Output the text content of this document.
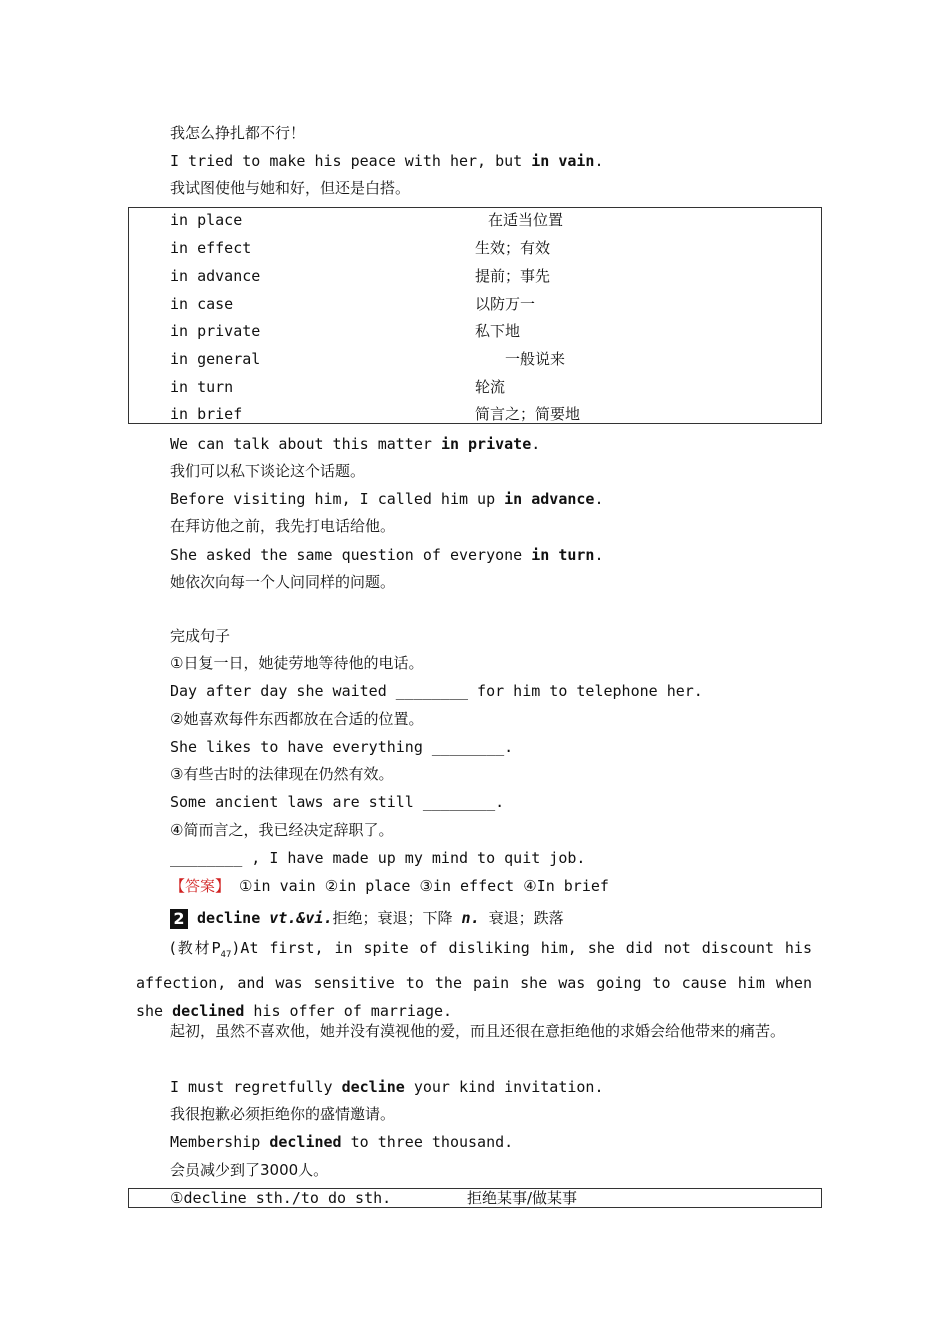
我怎么挣扎都不行！
I tried to make his peace with her, but in vain.
我试图使他与她和好，但还是白搭。
in place	在适当位置
in effect	生效；有效
in advance	提前；事先
in case	以防万一
in private	私下地
in general	一般说来
in turn	轮流
in brief	简言之；简要地
We can talk about this matter in private.
我们可以私下谈论这个话题。
Before visiting him, I called him up in advance.
在拜访他之前，我先打电话给他。
She asked the same question of everyone in turn.
她依次向每一个人问同样的问题。
完成句子
①日复一日，她徒劳地等待他的电话。
Day after day she waited ________ for him to telephone her.
②她喜欢每件东西都放在合适的位置。
She likes to have everything ________.
③有些古时的法律现在仍然有效。
Some ancient laws are still ________.
④简而言之，我已经决定辞职了。
________ , I have made up my mind to quit job.
【答案】 ①in vain ②in place ③in effect ④In brief
2 decline vt.&vi.拒绝；衰退；下降 n. 衰退；跌落
(教材$P_{47})At$ first, in spite of disliking him, she did not discount his affection, and was sensitive to the pain she was going to cause him when she declined his offer of marriage.
起初，虽然不喜欢他，她并没有漠视他的爱，而且还很在意拒绝他的求婚会给他带来的痛苦。
I must regretfully decline your kind invitation.
我很抱歉必须拒绝你的盛情邀请。
Membership declined to three thousand.
会员减少到了3000人。
①decline sth./to do sth.	拒绝某事/做某事
